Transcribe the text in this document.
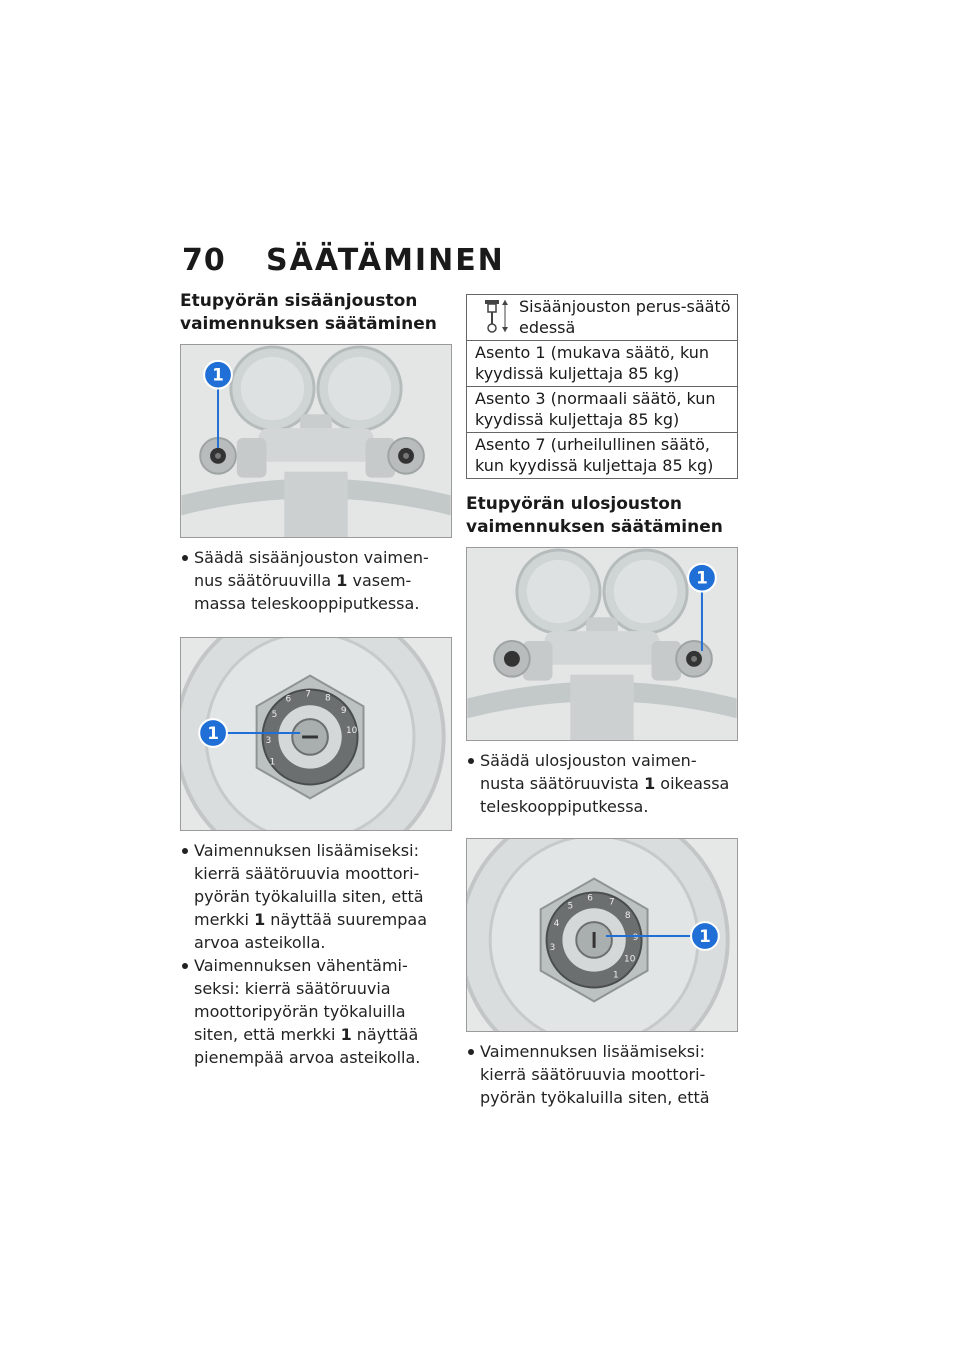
70 SÄÄTÄMINEN
Etupyörän sisäänjouston
vaimennuksen säätäminen
1
Säädä sisäänjouston vaimen-nus säätöruuvilla 1 vasem-massa teleskooppiputkessa.
1
3
5
6 7 8
9
10
1
Vaimennuksen lisäämiseksi: kierrä säätöruuvia moottori-pyörän työkaluilla siten, että merkki 1 näyttää suurempaa arvoa asteikolla.
Vaimennuksen vähentämi-seksi: kierrä säätöruuvia moottoripyörän työkaluilla siten, että merkki 1 näyttää pienempää arvoa asteikolla.
Sisäänjouston perus-säätö edessä

Asento 1 (mukava säätö, kun kyydissä kuljettaja 85 kg)
Asento 3 (normaali säätö, kun kyydissä kuljettaja 85 kg)
Asento 7 (urheilullinen säätö, kun kyydissä kuljettaja 85 kg)
Etupyörän ulosjouston
vaimennuksen säätäminen
1
Säädä ulosjouston vaimen-nusta säätöruuvista 1 oikeassa teleskooppiputkessa.
1
3
4
5
6 7
8
9
10
1
Vaimennuksen lisäämiseksi: kierrä säätöruuvia moottori-pyörän työkaluilla siten, että
